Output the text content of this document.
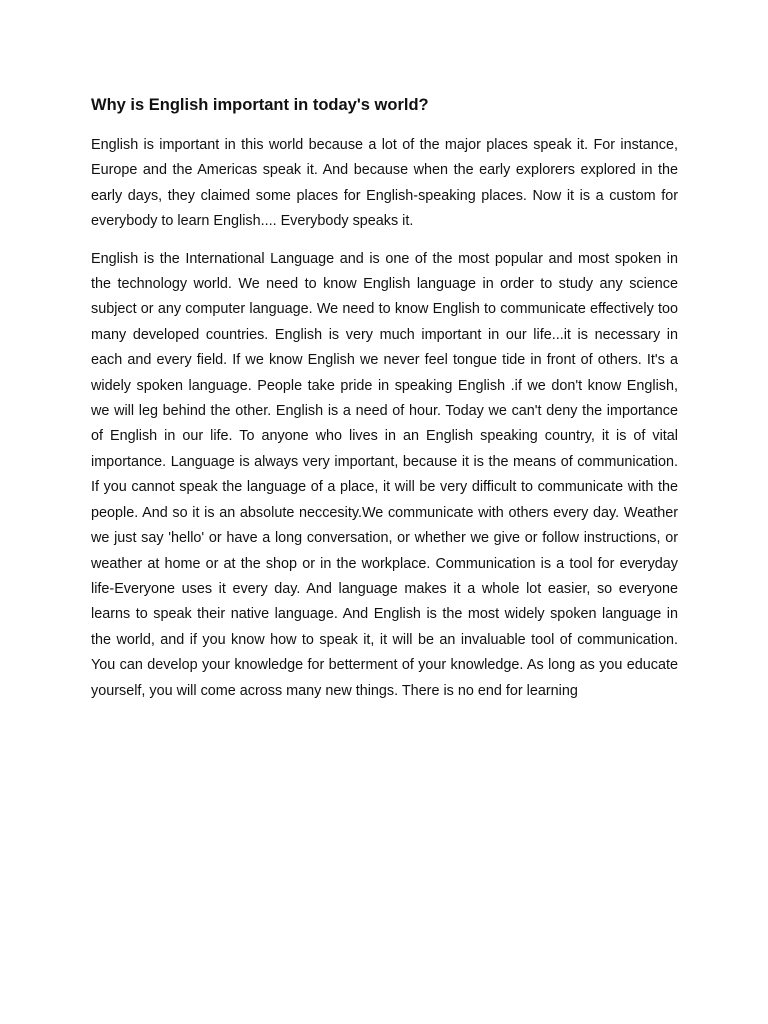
Why is English important in today's world?

English is important in this world because a lot of the major places speak it. For instance, Europe and the Americas speak it. And because when the early explorers explored in the early days, they claimed some places for English-speaking places. Now it is a custom for everybody to learn English.... Everybody speaks it.

English is the International Language and is one of the most popular and most spoken in the technology world. We need to know English language in order to study any science subject or any computer language. We need to know English to communicate effectively too many developed countries. English is very much important in our life...it is necessary in each and every field. If we know English we never feel tongue tide in front of others. It's a widely spoken language. People take pride in speaking English .if we don't know English, we will leg behind the other. English is a need of hour. Today we can't deny the importance of English in our life. To anyone who lives in an English speaking country, it is of vital importance. Language is always very important, because it is the means of communication. If you cannot speak the language of a place, it will be very difficult to communicate with the people. And so it is an absolute neccesity.We communicate with others every day. Weather we just say 'hello' or have a long conversation, or whether we give or follow instructions, or weather at home or at the shop or in the workplace. Communication is a tool for everyday life-Everyone uses it every day. And language makes it a whole lot easier, so everyone learns to speak their native language. And English is the most widely spoken language in the world, and if you know how to speak it, it will be an invaluable tool of communication. You can develop your knowledge for betterment of your knowledge. As long as you educate yourself, you will come across many new things. There is no end for learning
